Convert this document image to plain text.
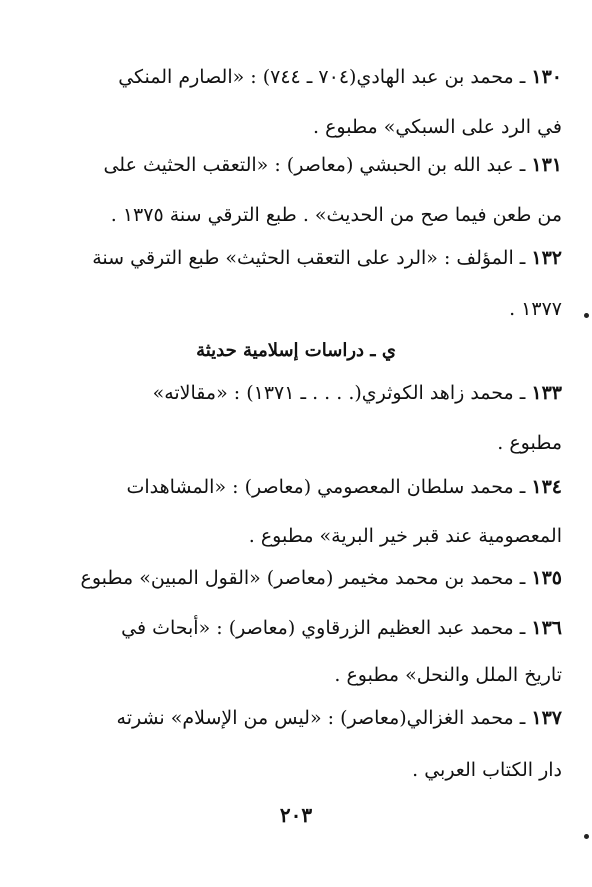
١٣٠ ـ محمد بن عبد الهادي(٧٠٤ ـ ٧٤٤) : «الصارم المنكي
في الرد على السبكي» مطبوع .
١٣١ ـ عبد الله بن الحبشي (معاصر) : «التعقب الحثيث على
من طعن فيما صح من الحديث» . طبع الترقي سنة ١٣٧٥ .
١٣٢ ـ المؤلف : «الرد على التعقب الحثيث» طبع الترقي سنة
١٣٧٧ .
ي ـ دراسات إسلامية حديثة
١٣٣ ـ محمد زاهد الكوثري(. . . . ـ ١٣٧١) : «مقالاته»
مطبوع .
١٣٤ ـ محمد سلطان المعصومي (معاصر) : «المشاهدات
المعصومية عند قبر خير البرية» مطبوع .
١٣٥ ـ محمد بن محمد مخيمر (معاصر) «القول المبين» مطبوع
١٣٦ ـ محمد عبد العظيم الزرقاوي (معاصر) : «أبحاث في
تاريخ الملل والنحل» مطبوع .
١٣٧ ـ محمد الغزالي(معاصر) : «ليس من الإسلام» نشرته
دار الكتاب العربي .
٢٠٣
